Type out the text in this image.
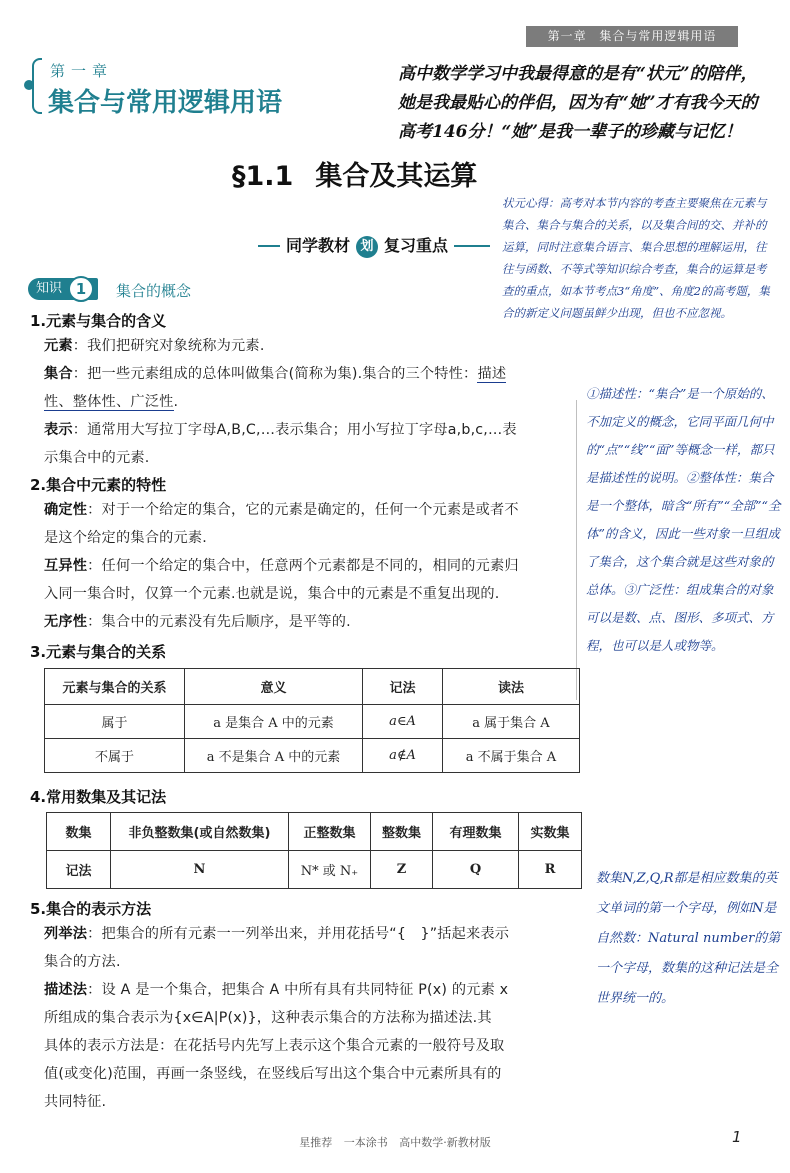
第一章 集合与常用逻辑用语
第一章
集合与常用逻辑用语
高中数学学习中我最得意的是有“状元”的陪伴，她是我最贴心的伴侣，因为有“她”才有我今天的高考146分！“她”是我一辈子的珍藏与记忆！
§1.1 集合及其运算
同学教材 划 复习重点
状元心得：高考对本节内容的考查主要聚焦在元素与集合、集合与集合的关系，以及集合间的交、并补的运算，同时注意集合语言、集合思想的理解运用，往往与函数、不等式等知识综合考查，集合的运算是考查的重点，如本节考点3“角度”、角度2的高考题，集合的新定义问题虽鲜少出现，但也不应忽视。
知识 1	集合的概念
1.元素与集合的含义
元素：我们把研究对象统称为元素.
集合：把一些元素组成的总体叫做集合(简称为集).集合的三个特性：描述
性、整体性、广泛性.
表示：通常用大写拉丁字母A,B,C,…表示集合；用小写拉丁字母a,b,c,…表
示集合中的元素.
①描述性：“集合”是一个原始的、不加定义的概念，它同平面几何中的“点”“线”“面”等概念一样，都只是描述性的说明。②整体性：集合是一个整体，暗含“所有”“全部”“全体”的含义，因此一些对象一旦组成了集合，这个集合就是这些对象的总体。③广泛性：组成集合的对象可以是数、点、图形、多项式、方程，也可以是人或物等。
2.集合中元素的特性
确定性：对于一个给定的集合，它的元素是确定的，任何一个元素是或者不
是这个给定的集合的元素.
互异性：任何一个给定的集合中，任意两个元素都是不同的，相同的元素归
入同一集合时，仅算一个元素.也就是说，集合中的元素是不重复出现的.
无序性：集合中的元素没有先后顺序，是平等的.
3.元素与集合的关系
元素与集合的关系	意义	记法	读法
属于	a 是集合 A 中的元素	a∈A	a 属于集合 A
不属于	a 不是集合 A 中的元素	a∉A	a 不属于集合 A
4.常用数集及其记法
数集	非负整数集(或自然数集)	正整数集	整数集	有理数集	实数集
记法	N	N* 或 N₊	Z	Q	R
数集N,Z,Q,R都是相应数集的英文单词的第一个字母，例如N是自然数：Natural number的第一个字母，数集的这种记法是全世界统一的。
5.集合的表示方法
列举法：把集合的所有元素一一列举出来，并用花括号“{　}”括起来表示
集合的方法.
描述法：设 A 是一个集合，把集合 A 中所有具有共同特征 P(x) 的元素 x
所组成的集合表示为{x∈A|P(x)}，这种表示集合的方法称为描述法.其
具体的表示方法是：在花括号内先写上表示这个集合元素的一般符号及取
值(或变化)范围，再画一条竖线，在竖线后写出这个集合中元素所具有的
共同特征.
星推荐 一本涂书 高中数学·新教材版	1
